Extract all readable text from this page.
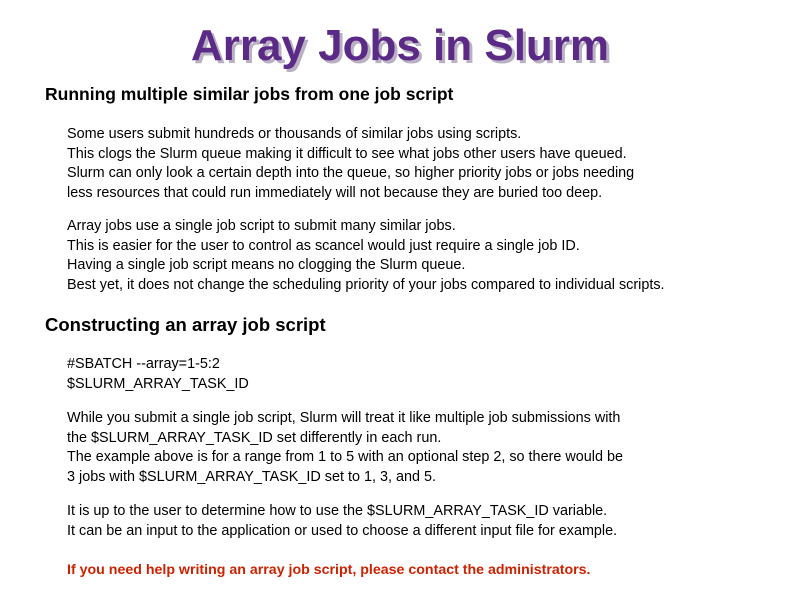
Array Jobs in Slurm
Running multiple similar jobs from one job script
Some users submit hundreds or thousands of similar jobs using scripts.
This clogs the Slurm queue making it difficult to see what jobs other users have queued.
Slurm can only look a certain depth into the queue, so higher priority jobs or jobs needing
less resources that could run immediately will not because they are buried too deep.
Array jobs use a single job script to submit many similar jobs.
This is easier for the user to control as scancel would just require a single job ID.
Having a single job script means no clogging the Slurm queue.
Best yet, it does not change the scheduling priority of your jobs compared to individual scripts.
Constructing an array job script
#SBATCH --array=1-5:2
$SLURM_ARRAY_TASK_ID
While you submit a single job script, Slurm will treat it like multiple job submissions with
the $SLURM_ARRAY_TASK_ID set differently in each run.
The example above is for a range from 1 to 5 with an optional step 2, so there would be
3 jobs with $SLURM_ARRAY_TASK_ID set to 1, 3, and 5.
It is up to the user to determine how to use the $SLURM_ARRAY_TASK_ID variable.
It can be an input to the application or used to choose a different input file for example.
If you need help writing an array job script, please contact the administrators.
